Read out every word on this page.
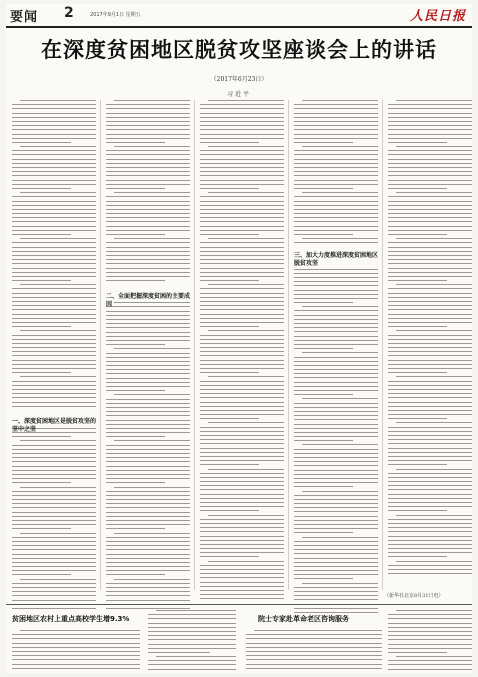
要闻 2	2017年9月1日 星期五	人民日报
在深度贫困地区脱贫攻坚座谈会上的讲话
（2017年6月23日）
习近平
一、深度贫困地区是脱贫攻坚的坚中之坚
二、全面把握深度贫困的主要成因
三、加大力度推进深度贫困地区脱贫攻坚
（新华社北京8月31日电）
贫困地区农村上重点高校学生增9.3%	院士专家赴革命老区咨询服务
